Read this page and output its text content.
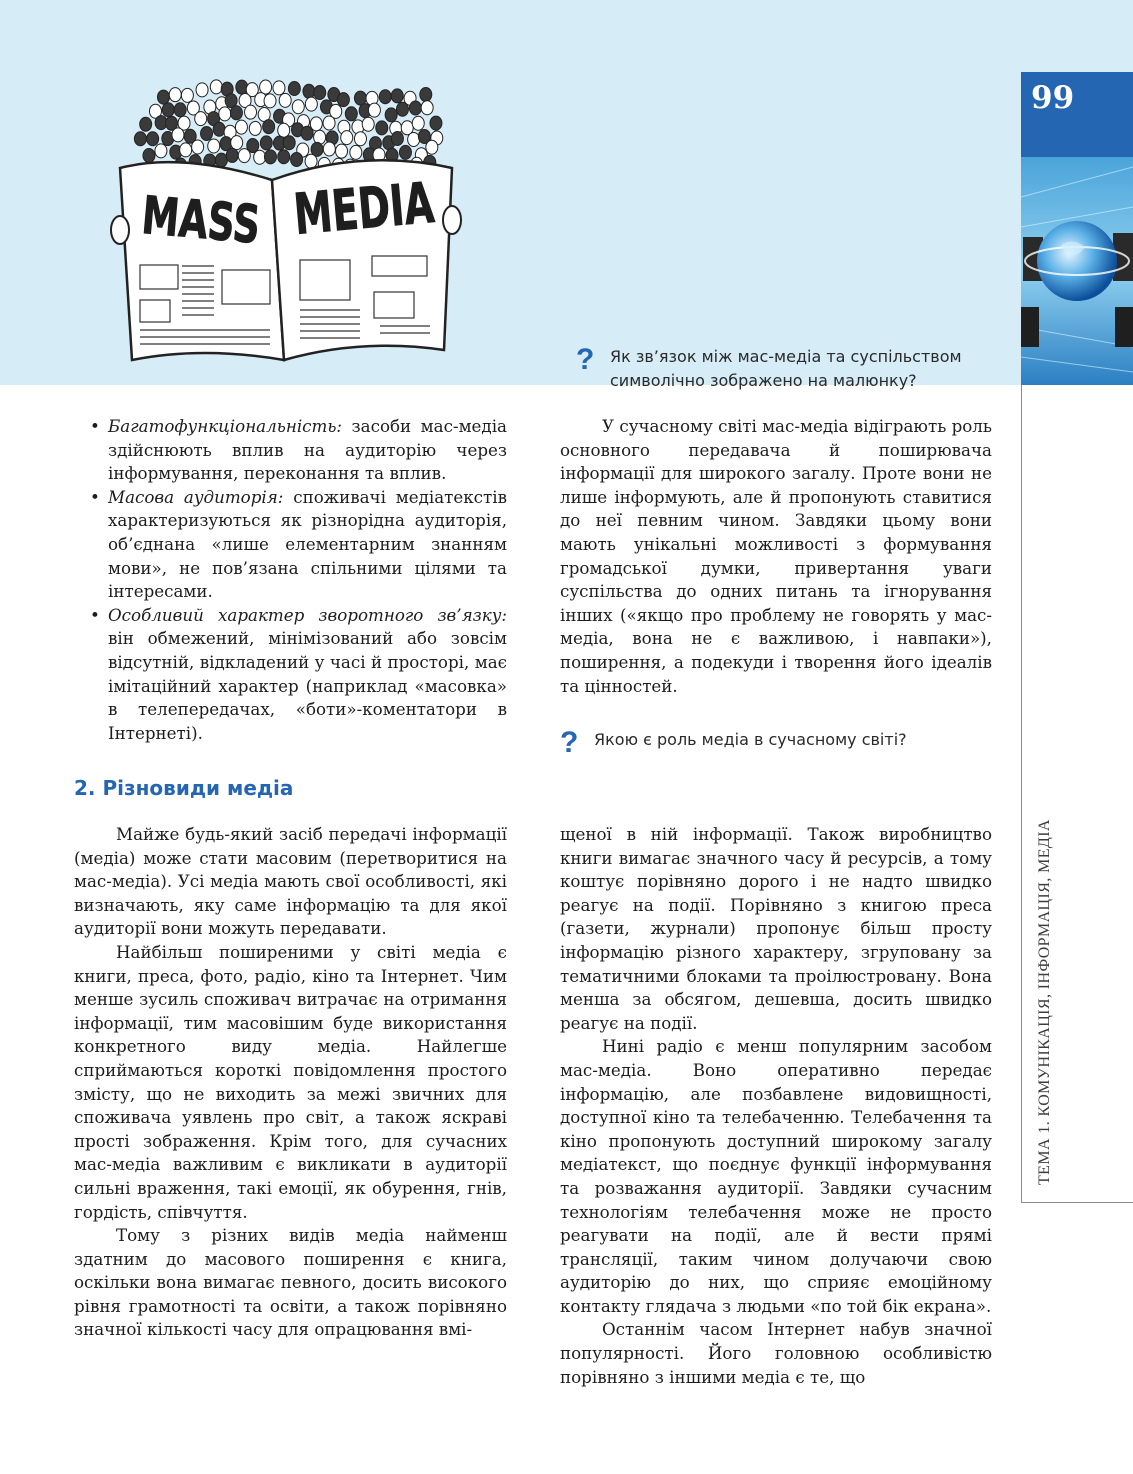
MASS
MEDIA
99
ТЕМА 1. КОМУНІКАЦІЯ, ІНФОРМАЦІЯ, МЕДІА
? Як зв’язок між мас-медіа та суспільством
символічно зображено на малюнку?
• Багатофункціональність: засоби мас-медіа здійснюють вплив на аудиторію через інформування, переконання та вплив.
• Масова аудиторія: споживачі медіатекстів характеризуються як різнорідна аудиторія, об’єднана «лише елементарним знанням мови», не пов’язана спільними цілями та інтересами.
• Особливий характер зворотного зв’язку: він обмежений, мінімізований або зовсім відсутній, відкладений у часі й просторі, має імітаційний характер (наприклад «масовка» в телепередачах, «боти»-коментатори в Інтернеті).

У сучасному світі мас-медіа відіграють роль основного передавача й поширювача інформації для широкого загалу. Проте вони не лише інформують, але й пропонують ставитися до неї певним чином. Завдяки цьому вони мають унікальні можливості з формування громадської думки, привертання уваги суспільства до одних питань та ігнорування інших («якщо про проблему не говорять у мас-медіа, вона не є важливою, і навпаки»), поширення, а подекуди і творення його ідеалів та цінностей.

? Якою є роль медіа в сучасному світі?
2. Різновиди медіа

Майже будь-який засіб передачі інформації (медіа) може стати масовим (перетворитися на мас-медіа). Усі медіа мають свої особливості, які визначають, яку саме інформацію та для якої аудиторії вони можуть передавати.

Найбільш поширеними у світі медіа є книги, преса, фото, радіо, кіно та Інтернет. Чим менше зусиль споживач витрачає на отримання інформації, тим масовішим буде використання конкретного виду медіа. Найлегше сприймаються короткі повідомлення простого змісту, що не виходить за межі звичних для споживача уявлень про світ, а також яскраві прості зображення. Крім того, для сучасних мас-медіа важливим є викликати в аудиторії сильні враження, такі емоції, як обурення, гнів, гордість, співчуття.

Тому з різних видів медіа найменш здатним до масового поширення є книга, оскільки вона вимагає певного, досить високого рівня грамотності та освіти, а також порівняно значної кількості часу для опрацювання вмі-

щеної в ній інформації. Також виробництво книги вимагає значного часу й ресурсів, а тому коштує порівняно дорого і не надто швидко реагує на події. Порівняно з книгою преса (газети, журнали) пропонує більш просту інформацію різного характеру, згруповану за тематичними блоками та проілюстровану. Вона менша за обсягом, дешевша, досить швидко реагує на події.

Нині радіо є менш популярним засобом мас-медіа. Воно оперативно передає інформацію, але позбавлене видовищності, доступної кіно та телебаченню. Телебачення та кіно пропонують доступний широкому загалу медіатекст, що поєднує функції інформування та розважання аудиторії. Завдяки сучасним технологіям телебачення може не просто реагувати на події, але й вести прямі трансляції, таким чином долучаючи свою аудиторію до них, що сприяє емоційному контакту глядача з людьми «по той бік екрана».

Останнім часом Інтернет набув значної популярності. Його головною особливістю порівняно з іншими медіа є те, що
